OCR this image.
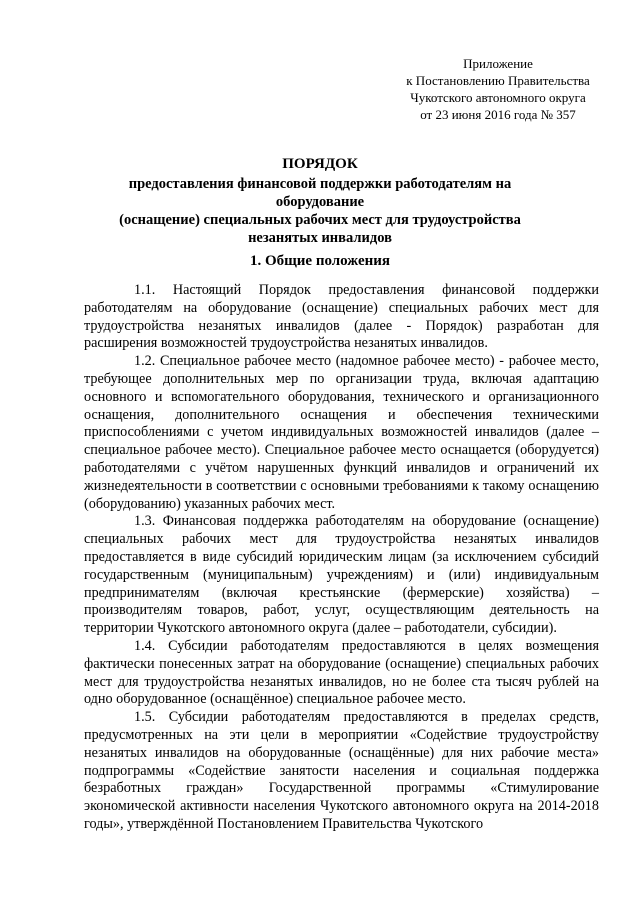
Приложение
к Постановлению Правительства
Чукотского автономного округа
от 23 июня 2016 года № 357
ПОРЯДОК
предоставления финансовой поддержки работодателям на оборудование
(оснащение) специальных рабочих мест для трудоустройства
незанятых инвалидов
1. Общие положения

1.1. Настоящий Порядок предоставления финансовой поддержки работодателям на оборудование (оснащение) специальных рабочих мест для трудоустройства незанятых инвалидов (далее - Порядок) разработан для расширения возможностей трудоустройства незанятых инвалидов.

1.2. Специальное рабочее место (надомное рабочее место) - рабочее место, требующее дополнительных мер по организации труда, включая адаптацию основного и вспомогательного оборудования, технического и организационного оснащения, дополнительного оснащения и обеспечения техническими приспособлениями с учетом индивидуальных возможностей инвалидов (далее – специальное рабочее место). Специальное рабочее место оснащается (оборудуется) работодателями с учётом нарушенных функций инвалидов и ограничений их жизнедеятельности в соответствии с основными требованиями к такому оснащению (оборудованию) указанных рабочих мест.

1.3. Финансовая поддержка работодателям на оборудование (оснащение) специальных рабочих мест для трудоустройства незанятых инвалидов предоставляется в виде субсидий юридическим лицам (за исключением субсидий государственным (муниципальным) учреждениям) и (или) индивидуальным предпринимателям (включая крестьянские (фермерские) хозяйства) – производителям товаров, работ, услуг, осуществляющим деятельность на территории Чукотского автономного округа (далее – работодатели, субсидии).

1.4. Субсидии работодателям предоставляются в целях возмещения фактически понесенных затрат на оборудование (оснащение) специальных рабочих мест для трудоустройства незанятых инвалидов, но не более ста тысяч рублей на одно оборудованное (оснащённое) специальное рабочее место.

1.5. Субсидии работодателям предоставляются в пределах средств, предусмотренных на эти цели в мероприятии «Содействие трудоустройству незанятых инвалидов на оборудованные (оснащённые) для них рабочие места» подпрограммы «Содействие занятости населения и социальная поддержка безработных граждан» Государственной программы «Стимулирование экономической активности населения Чукотского автономного округа на 2014-2018 годы», утверждённой Постановлением Правительства Чукотского
